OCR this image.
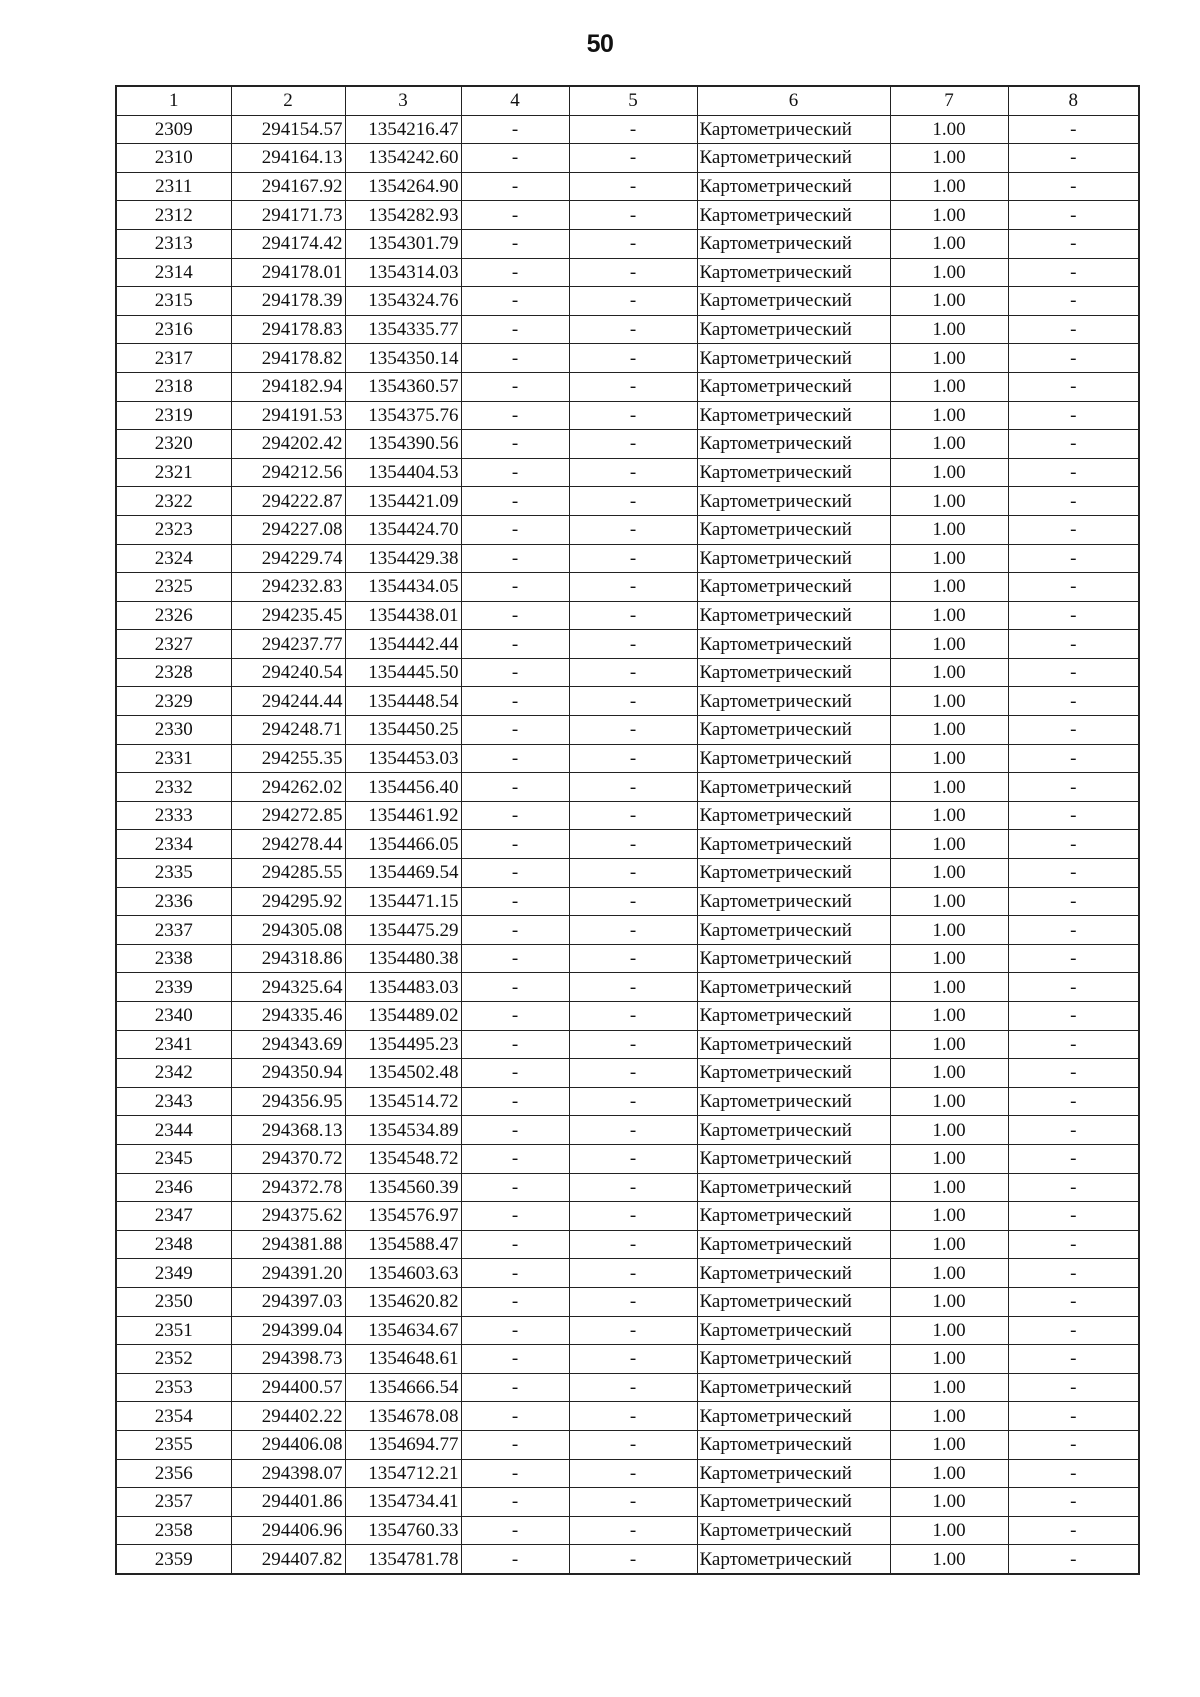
50
1	2	3	4	5	6	7	8
2309	294154.57	1354216.47	-	-	Картометрический	1.00	-
2310	294164.13	1354242.60	-	-	Картометрический	1.00	-
2311	294167.92	1354264.90	-	-	Картометрический	1.00	-
2312	294171.73	1354282.93	-	-	Картометрический	1.00	-
2313	294174.42	1354301.79	-	-	Картометрический	1.00	-
2314	294178.01	1354314.03	-	-	Картометрический	1.00	-
2315	294178.39	1354324.76	-	-	Картометрический	1.00	-
2316	294178.83	1354335.77	-	-	Картометрический	1.00	-
2317	294178.82	1354350.14	-	-	Картометрический	1.00	-
2318	294182.94	1354360.57	-	-	Картометрический	1.00	-
2319	294191.53	1354375.76	-	-	Картометрический	1.00	-
2320	294202.42	1354390.56	-	-	Картометрический	1.00	-
2321	294212.56	1354404.53	-	-	Картометрический	1.00	-
2322	294222.87	1354421.09	-	-	Картометрический	1.00	-
2323	294227.08	1354424.70	-	-	Картометрический	1.00	-
2324	294229.74	1354429.38	-	-	Картометрический	1.00	-
2325	294232.83	1354434.05	-	-	Картометрический	1.00	-
2326	294235.45	1354438.01	-	-	Картометрический	1.00	-
2327	294237.77	1354442.44	-	-	Картометрический	1.00	-
2328	294240.54	1354445.50	-	-	Картометрический	1.00	-
2329	294244.44	1354448.54	-	-	Картометрический	1.00	-
2330	294248.71	1354450.25	-	-	Картометрический	1.00	-
2331	294255.35	1354453.03	-	-	Картометрический	1.00	-
2332	294262.02	1354456.40	-	-	Картометрический	1.00	-
2333	294272.85	1354461.92	-	-	Картометрический	1.00	-
2334	294278.44	1354466.05	-	-	Картометрический	1.00	-
2335	294285.55	1354469.54	-	-	Картометрический	1.00	-
2336	294295.92	1354471.15	-	-	Картометрический	1.00	-
2337	294305.08	1354475.29	-	-	Картометрический	1.00	-
2338	294318.86	1354480.38	-	-	Картометрический	1.00	-
2339	294325.64	1354483.03	-	-	Картометрический	1.00	-
2340	294335.46	1354489.02	-	-	Картометрический	1.00	-
2341	294343.69	1354495.23	-	-	Картометрический	1.00	-
2342	294350.94	1354502.48	-	-	Картометрический	1.00	-
2343	294356.95	1354514.72	-	-	Картометрический	1.00	-
2344	294368.13	1354534.89	-	-	Картометрический	1.00	-
2345	294370.72	1354548.72	-	-	Картометрический	1.00	-
2346	294372.78	1354560.39	-	-	Картометрический	1.00	-
2347	294375.62	1354576.97	-	-	Картометрический	1.00	-
2348	294381.88	1354588.47	-	-	Картометрический	1.00	-
2349	294391.20	1354603.63	-	-	Картометрический	1.00	-
2350	294397.03	1354620.82	-	-	Картометрический	1.00	-
2351	294399.04	1354634.67	-	-	Картометрический	1.00	-
2352	294398.73	1354648.61	-	-	Картометрический	1.00	-
2353	294400.57	1354666.54	-	-	Картометрический	1.00	-
2354	294402.22	1354678.08	-	-	Картометрический	1.00	-
2355	294406.08	1354694.77	-	-	Картометрический	1.00	-
2356	294398.07	1354712.21	-	-	Картометрический	1.00	-
2357	294401.86	1354734.41	-	-	Картометрический	1.00	-
2358	294406.96	1354760.33	-	-	Картометрический	1.00	-
2359	294407.82	1354781.78	-	-	Картометрический	1.00	-
